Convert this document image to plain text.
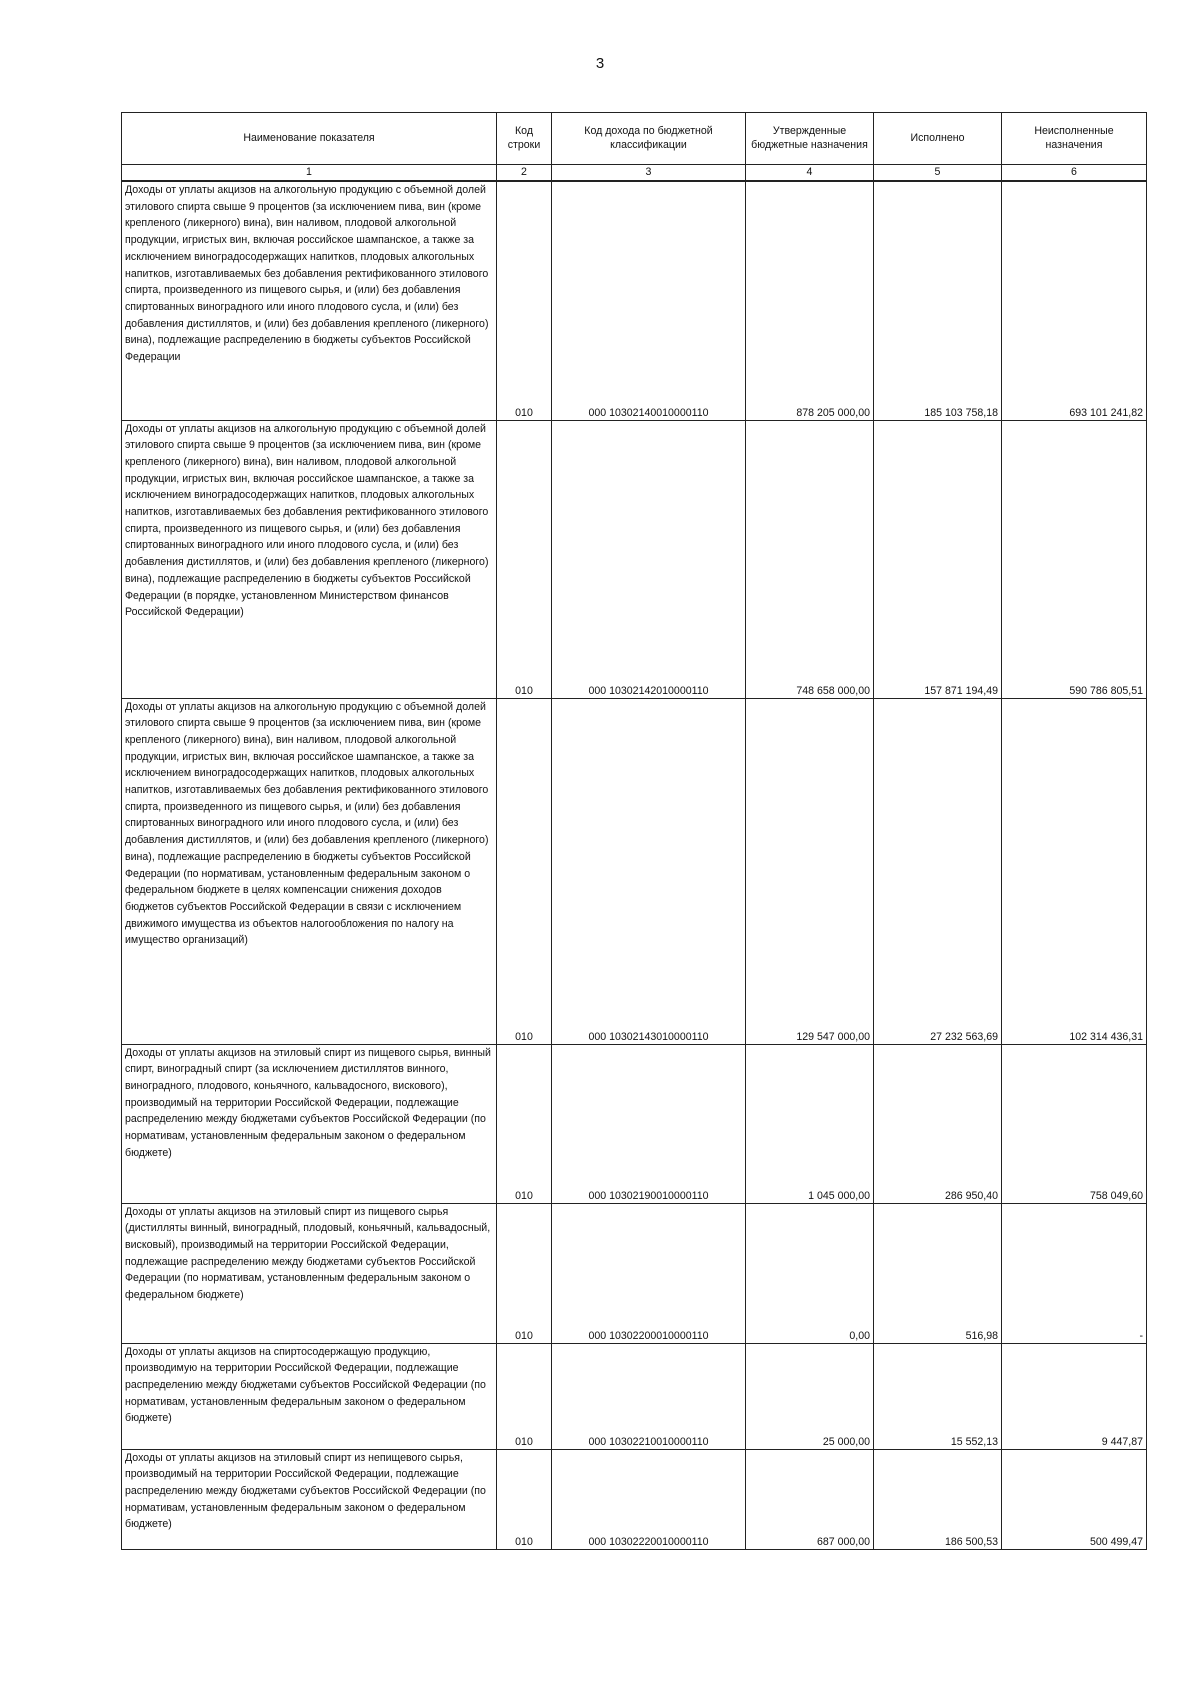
3
Наименование показателя	Код строки	Код дохода по бюджетной классификации	Утвержденные бюджетные назначения	Исполнено	Неисполненные назначения
1	2	3	4	5	6
Доходы от уплаты акцизов на алкогольную продукцию с объемной долей этилового спирта свыше 9 процентов (за исключением пива, вин (кроме крепленого (ликерного) вина), вин наливом, плодовой алкогольной продукции, игристых вин, включая российское шампанское, а также за исключением виноградосодержащих напитков, плодовых алкогольных напитков, изготавливаемых без добавления ректификованного этилового спирта, произведенного из пищевого сырья, и (или) без добавления спиртованных виноградного или иного плодового сусла, и (или) без добавления дистиллятов, и (или) без добавления крепленого (ликерного) вина), подлежащие распределению в бюджеты субъектов Российской Федерации	010	000 10302140010000110	878 205 000,00	185 103 758,18	693 101 241,82
Доходы от уплаты акцизов на алкогольную продукцию с объемной долей этилового спирта свыше 9 процентов (за исключением пива, вин (кроме крепленого (ликерного) вина), вин наливом, плодовой алкогольной продукции, игристых вин, включая российское шампанское, а также за исключением виноградосодержащих напитков, плодовых алкогольных напитков, изготавливаемых без добавления ректификованного этилового спирта, произведенного из пищевого сырья, и (или) без добавления спиртованных виноградного или иного плодового сусла, и (или) без добавления дистиллятов, и (или) без добавления крепленого (ликерного) вина), подлежащие распределению в бюджеты субъектов Российской Федерации (в порядке, установленном Министерством финансов Российской Федерации)	010	000 10302142010000110	748 658 000,00	157 871 194,49	590 786 805,51
Доходы от уплаты акцизов на алкогольную продукцию с объемной долей этилового спирта свыше 9 процентов (за исключением пива, вин (кроме крепленого (ликерного) вина), вин наливом, плодовой алкогольной продукции, игристых вин, включая российское шампанское, а также за исключением виноградосодержащих напитков, плодовых алкогольных напитков, изготавливаемых без добавления ректификованного этилового спирта, произведенного из пищевого сырья, и (или) без добавления спиртованных виноградного или иного плодового сусла, и (или) без добавления дистиллятов, и (или) без добавления крепленого (ликерного) вина), подлежащие распределению в бюджеты субъектов Российской Федерации (по нормативам, установленным федеральным законом о федеральном бюджете в целях компенсации снижения доходов бюджетов субъектов Российской Федерации в связи с исключением движимого имущества из объектов налогообложения по налогу на имущество организаций)	010	000 10302143010000110	129 547 000,00	27 232 563,69	102 314 436,31
Доходы от уплаты акцизов на этиловый спирт из пищевого сырья, винный спирт, виноградный спирт (за исключением дистиллятов винного, виноградного, плодового, коньячного, кальвадосного, вискового), производимый на территории Российской Федерации, подлежащие распределению между бюджетами субъектов Российской Федерации (по нормативам, установленным федеральным законом о федеральном бюджете)	010	000 10302190010000110	1 045 000,00	286 950,40	758 049,60
Доходы от уплаты акцизов на этиловый спирт из пищевого сырья (дистилляты винный, виноградный, плодовый, коньячный, кальвадосный, висковый), производимый на территории Российской Федерации, подлежащие распределению между бюджетами субъектов Российской Федерации (по нормативам, установленным федеральным законом о федеральном бюджете)	010	000 10302200010000110	0,00	516,98	-
Доходы от уплаты акцизов на спиртосодержащую продукцию, производимую на территории Российской Федерации, подлежащие распределению между бюджетами субъектов Российской Федерации (по нормативам, установленным федеральным законом о федеральном бюджете)	010	000 10302210010000110	25 000,00	15 552,13	9 447,87
Доходы от уплаты акцизов на этиловый спирт из непищевого сырья, производимый на территории Российской Федерации, подлежащие распределению между бюджетами субъектов Российской Федерации (по нормативам, установленным федеральным законом о федеральном бюджете)	010	000 10302220010000110	687 000,00	186 500,53	500 499,47
